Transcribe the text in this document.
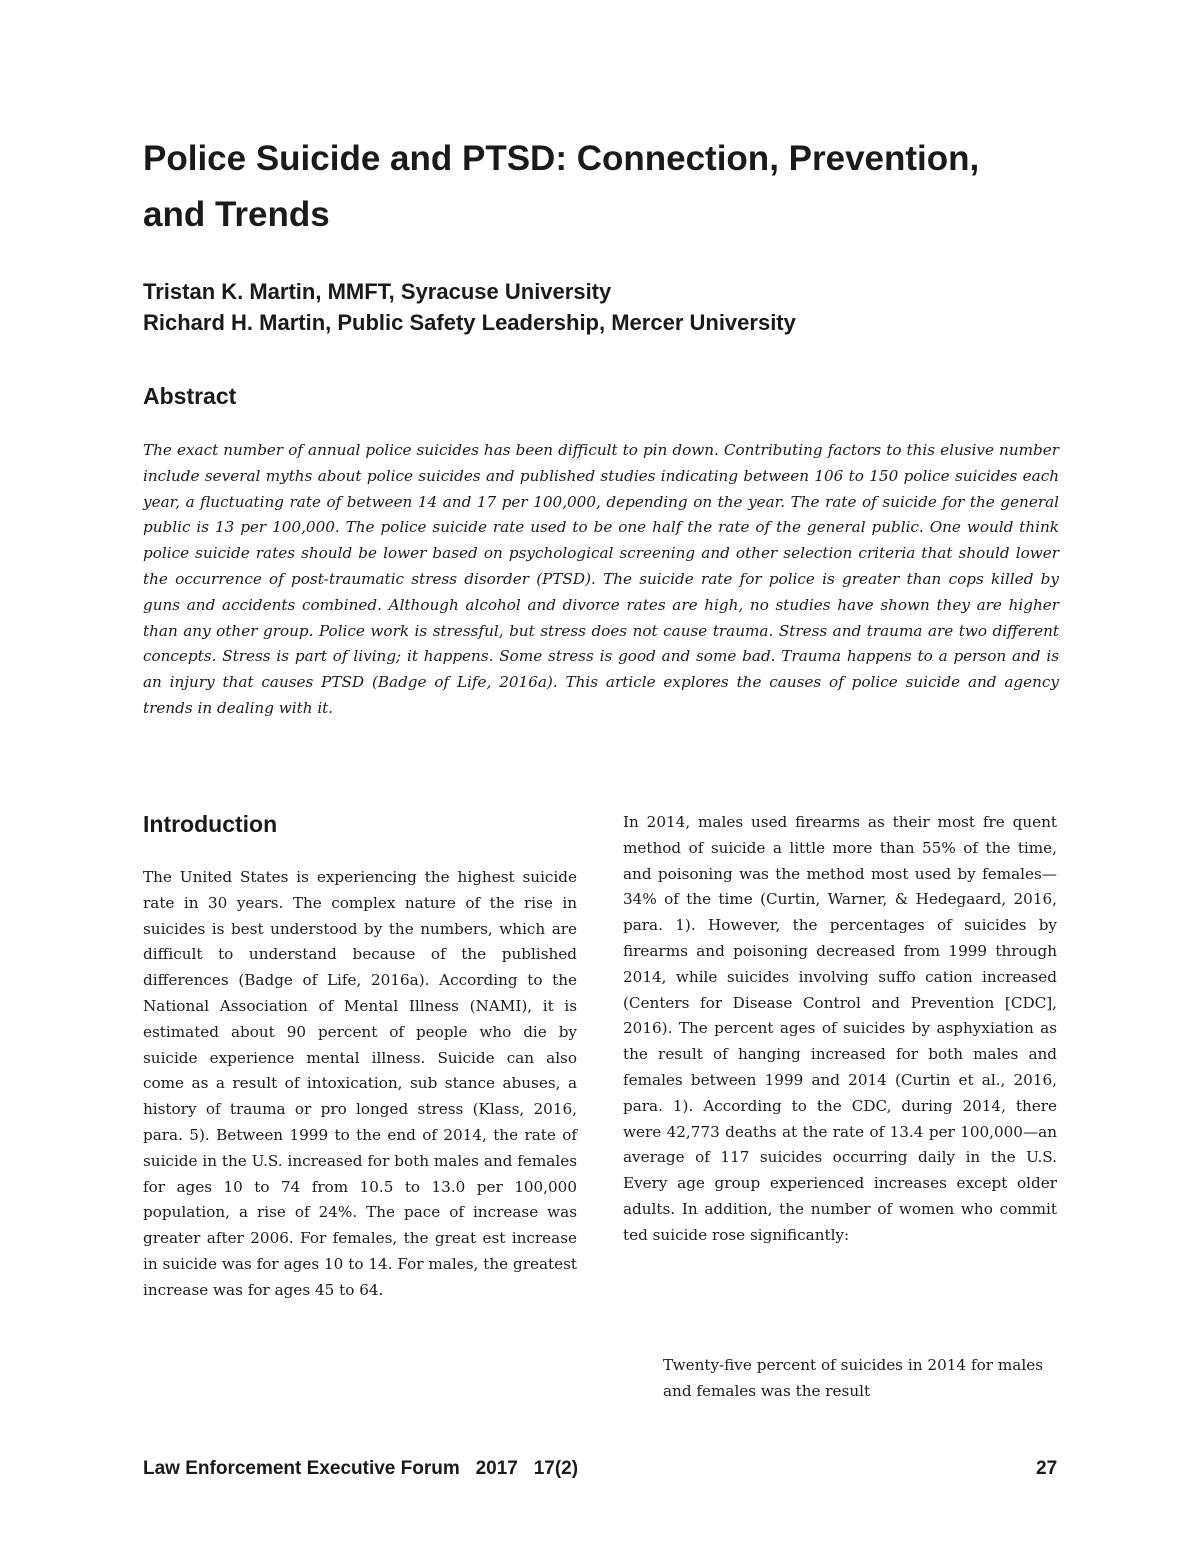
Police Suicide and PTSD: Connection, Prevention, and Trends
Tristan K. Martin, MMFT, Syracuse University
Richard H. Martin, Public Safety Leadership, Mercer University
Abstract

The exact number of annual police suicides has been difficult to pin down. Contributing factors to this elusive number include several myths about police suicides and published studies indicating between 106 to 150 police suicides each year, a fluctuating rate of between 14 and 17 per 100,000, depending on the year. The rate of suicide for the general public is 13 per 100,000. The police suicide rate used to be one half the rate of the general public. One would think police suicide rates should be lower based on psychological screening and other selection criteria that should lower the occurrence of post-traumatic stress disorder (PTSD). The suicide rate for police is greater than cops killed by guns and accidents combined. Although alcohol and divorce rates are high, no studies have shown they are higher than any other group. Police work is stressful, but stress does not cause trauma. Stress and trauma are two different concepts. Stress is part of living; it happens. Some stress is good and some bad. Trauma happens to a person and is an injury that causes PTSD (Badge of Life, 2016a). This article explores the causes of police suicide and agency trends in dealing with it.

Introduction

The United States is experiencing the highest suicide rate in 30 years. The complex nature of the rise in suicides is best understood by the numbers, which are difficult to understand because of the published differences (Badge of Life, 2016a). According to the National Association of Mental Illness (NAMI), it is estimated about 90 percent of people who die by suicide experience mental illness. Suicide can also come as a result of intoxication, sub stance abuses, a history of trauma or pro longed stress (Klass, 2016, para. 5). Between 1999 to the end of 2014, the rate of suicide in the U.S. increased for both males and females for ages 10 to 74 from 10.5 to 13.0 per 100,000 population, a rise of 24%. The pace of increase was greater after 2006. For females, the great est increase in suicide was for ages 10 to 14. For males, the greatest increase was for ages 45 to 64.

In 2014, males used firearms as their most fre quent method of suicide a little more than 55% of the time, and poisoning was the method most used by females—34% of the time (Curtin, Warner, & Hedegaard, 2016, para. 1). However, the percentages of suicides by firearms and poisoning decreased from 1999 through 2014, while suicides involving suffo cation increased (Centers for Disease Control and Prevention [CDC], 2016). The percent ages of suicides by asphyxiation as the result of hanging increased for both males and females between 1999 and 2014 (Curtin et al., 2016, para. 1). According to the CDC, during 2014, there were 42,773 deaths at the rate of 13.4 per 100,000—an average of 117 suicides occurring daily in the U.S. Every age group experienced increases except older adults. In addition, the number of women who commit ted suicide rose significantly:

Twenty-five percent of suicides in 2014 for males and females was the result

Law Enforcement Executive Forum   2017   17(2)	27
